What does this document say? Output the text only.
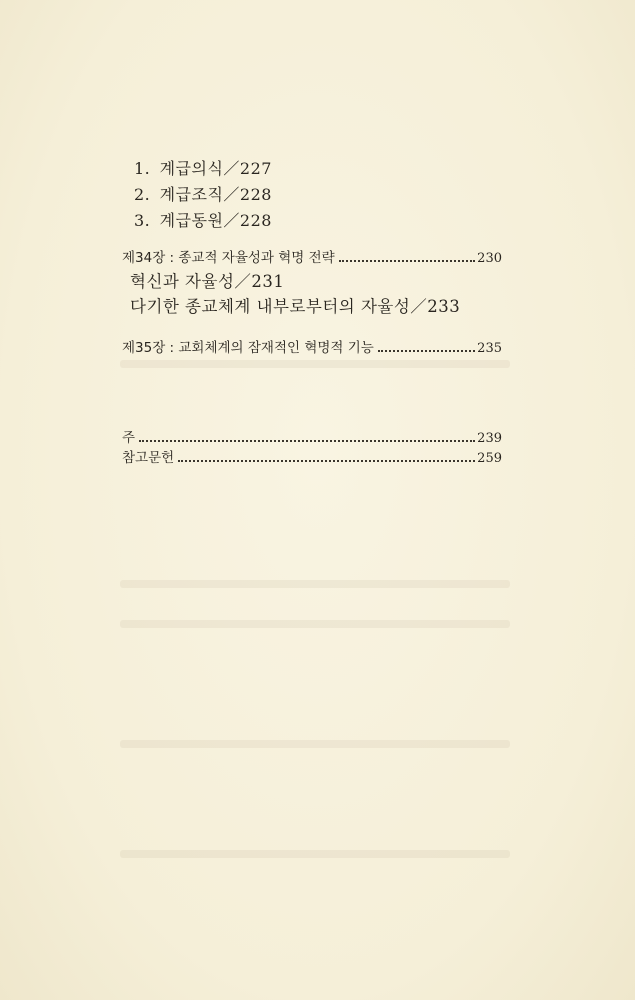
1. 계급의식／227
2. 계급조직／228
3. 계급동원／228
제34장 : 종교적 자율성과 혁명 전략	230
혁신과 자율성／231
다기한 종교체계 내부로부터의 자율성／233
제35장 : 교회체계의 잠재적인 혁명적 기능	235
주	239
참고문헌	259
